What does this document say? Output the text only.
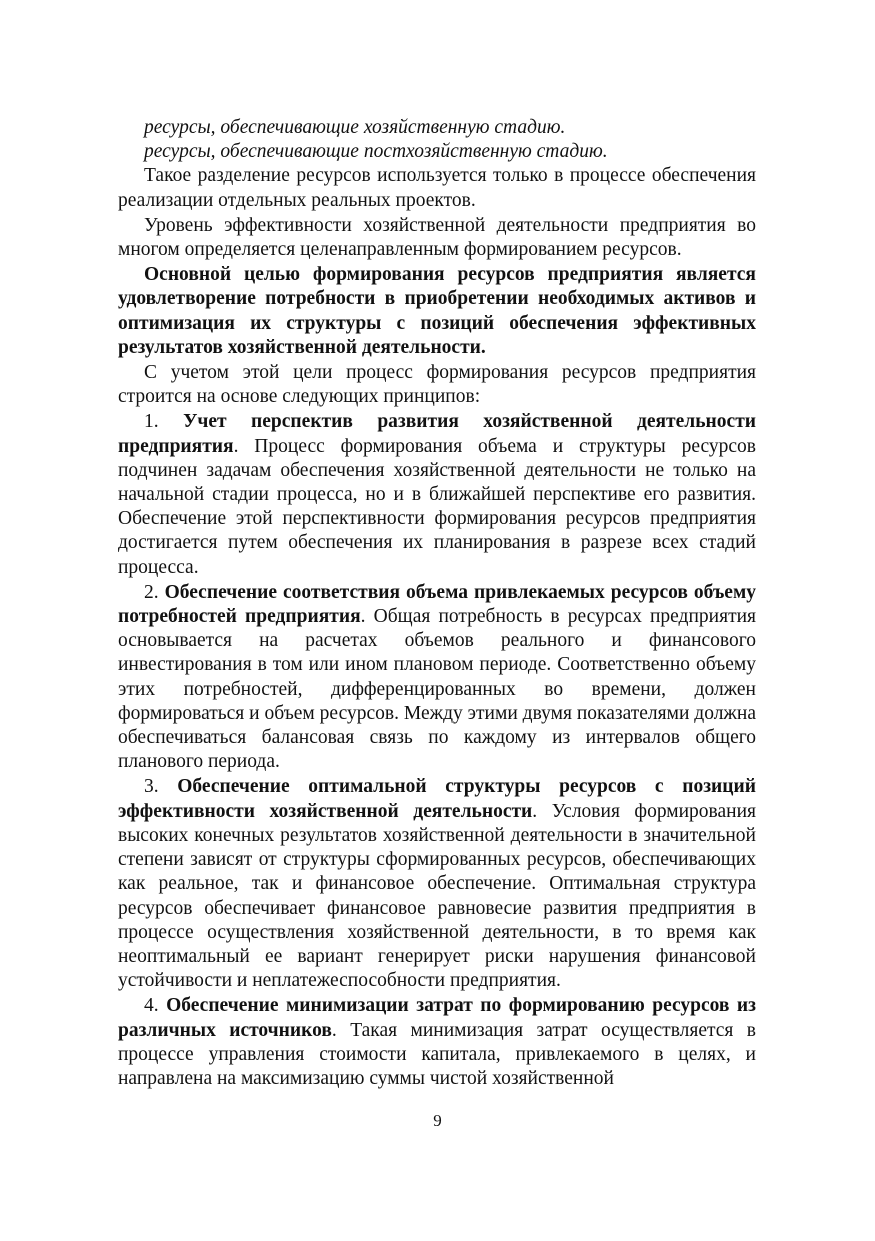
ресурсы, обеспечивающие хозяйственную стадию.

ресурсы, обеспечивающие постхозяйственную стадию.

Такое разделение ресурсов используется только в процессе обеспечения реализации отдельных реальных проектов.

Уровень эффективности хозяйственной деятельности предприятия во многом определяется целенаправленным формированием ресурсов.

Основной целью формирования ресурсов предприятия является удовлетворение потребности в приобретении необходимых активов и оптимизация их структуры с позиций обеспечения эффективных результатов хозяйственной деятельности.

С учетом этой цели процесс формирования ресурсов предприятия строится на основе следующих принципов:

1. Учет перспектив развития хозяйственной деятельности предприятия. Процесс формирования объема и структуры ресурсов подчинен задачам обеспечения хозяйственной деятельности не только на начальной стадии процесса, но и в ближайшей перспективе его развития. Обеспечение этой перспективности формирования ресурсов предприятия достигается путем обеспечения их планирования в разрезе всех стадий процесса.

2. Обеспечение соответствия объема привлекаемых ресурсов объему потребностей предприятия. Общая потребность в ресурсах предприятия основывается на расчетах объемов реального и финансового инвестирования в том или ином плановом периоде. Соответственно объему этих потребностей, дифференцированных во времени, должен формироваться и объем ресурсов. Между этими двумя показателями должна обеспечиваться балансовая связь по каждому из интервалов общего планового периода.

3. Обеспечение оптимальной структуры ресурсов с позиций эффективности хозяйственной деятельности. Условия формирования высоких конечных результатов хозяйственной деятельности в значительной степени зависят от структуры сформированных ресурсов, обеспечивающих как реальное, так и финансовое обеспечение. Оптимальная структура ресурсов обеспечивает финансовое равновесие развития предприятия в процессе осуществления хозяйственной деятельности, в то время как неоптимальный ее вариант генерирует риски нарушения финансовой устойчивости и неплатежеспособности предприятия.

4. Обеспечение минимизации затрат по формированию ресурсов из различных источников. Такая минимизация затрат осуществляется в процессе управления стоимости капитала, привлекаемого в целях, и направлена на максимизацию суммы чистой хозяйственной

9
